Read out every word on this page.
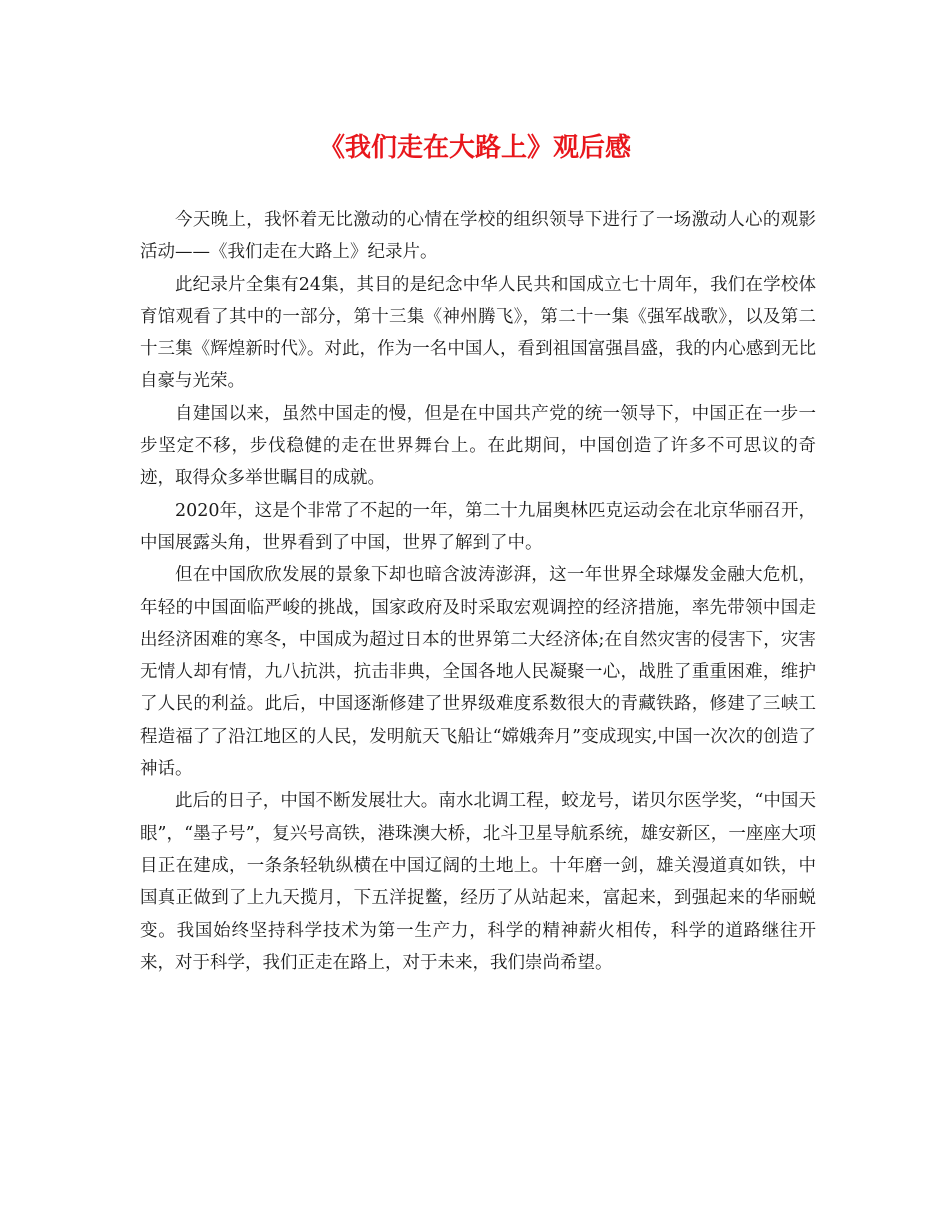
《我们走在大路上》观后感

今天晚上，我怀着无比激动的心情在学校的组织领导下进行了一场激动人心的观影活动——《我们走在大路上》纪录片。

此纪录片全集有24集，其目的是纪念中华人民共和国成立七十周年，我们在学校体育馆观看了其中的一部分，第十三集《神州腾飞》，第二十一集《强军战歌》，以及第二十三集《辉煌新时代》。对此，作为一名中国人，看到祖国富强昌盛，我的内心感到无比自豪与光荣。

自建国以来，虽然中国走的慢，但是在中国共产党的统一领导下，中国正在一步一步坚定不移，步伐稳健的走在世界舞台上。在此期间，中国创造了许多不可思议的奇迹，取得众多举世瞩目的成就。

2020年，这是个非常了不起的一年，第二十九届奥林匹克运动会在北京华丽召开，中国展露头角，世界看到了中国，世界了解到了中。

但在中国欣欣发展的景象下却也暗含波涛澎湃，这一年世界全球爆发金融大危机，年轻的中国面临严峻的挑战，国家政府及时采取宏观调控的经济措施，率先带领中国走出经济困难的寒冬，中国成为超过日本的世界第二大经济体;在自然灾害的侵害下，灾害无情人却有情，九八抗洪，抗击非典，全国各地人民凝聚一心，战胜了重重困难，维护了人民的利益。此后，中国逐渐修建了世界级难度系数很大的青藏铁路，修建了三峡工程造福了了沿江地区的人民，发明航天飞船让“嫦娥奔月”变成现实,中国一次次的创造了神话。

此后的日子，中国不断发展壮大。南水北调工程，蛟龙号，诺贝尔医学奖，“中国天眼”，“墨子号”，复兴号高铁，港珠澳大桥，北斗卫星导航系统，雄安新区，一座座大项目正在建成，一条条轻轨纵横在中国辽阔的土地上。十年磨一剑，雄关漫道真如铁，中国真正做到了上九天揽月，下五洋捉鳖，经历了从站起来，富起来，到强起来的华丽蜕变。我国始终坚持科学技术为第一生产力，科学的精神薪火相传，科学的道路继往开来，对于科学，我们正走在路上，对于未来，我们崇尚希望。
